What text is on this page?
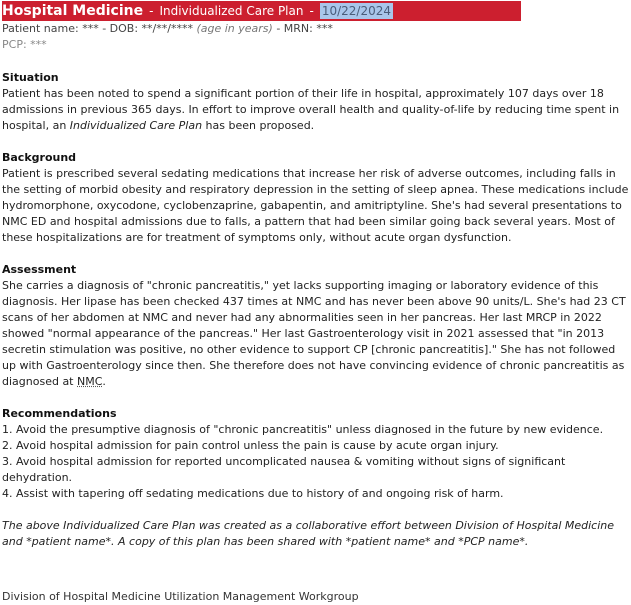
Hospital Medicine - Individualized Care Plan - 10/22/2024
Patient name: *** - DOB: **/**/**** (age in years) - MRN: ***
PCP: ***
Situation

Patient has been noted to spend a significant portion of their life in hospital, approximately 107 days over 18 admissions in previous 365 days. In effort to improve overall health and quality-of-life by reducing time spent in hospital, an Individualized Care Plan has been proposed.

Background

Patient is prescribed several sedating medications that increase her risk of adverse outcomes, including falls in the setting of morbid obesity and respiratory depression in the setting of sleep apnea. These medications include hydromorphone, oxycodone, cyclobenzaprine, gabapentin, and amitriptyline. She's had several presentations to NMC ED and hospital admissions due to falls, a pattern that had been similar going back several years. Most of these hospitalizations are for treatment of symptoms only, without acute organ dysfunction.

Assessment

She carries a diagnosis of "chronic pancreatitis," yet lacks supporting imaging or laboratory evidence of this diagnosis. Her lipase has been checked 437 times at NMC and has never been above 90 units/L. She's had 23 CT scans of her abdomen at NMC and never had any abnormalities seen in her pancreas. Her last MRCP in 2022 showed "normal appearance of the pancreas." Her last Gastroenterology visit in 2021 assessed that "in 2013 secretin stimulation was positive, no other evidence to support CP [chronic pancreatitis]." She has not followed up with Gastroenterology since then. She therefore does not have convincing evidence of chronic pancreatitis as diagnosed at NMC.

Recommendations
1. Avoid the presumptive diagnosis of "chronic pancreatitis" unless diagnosed in the future by new evidence.
2. Avoid hospital admission for pain control unless the pain is cause by acute organ injury.
3. Avoid hospital admission for reported uncomplicated nausea & vomiting without signs of significant dehydration.
4. Assist with tapering off sedating medications due to history of and ongoing risk of harm.

The above Individualized Care Plan was created as a collaborative effort between Division of Hospital Medicine and *patient name*. A copy of this plan has been shared with *patient name* and *PCP name*.

Division of Hospital Medicine Utilization Management Workgroup
